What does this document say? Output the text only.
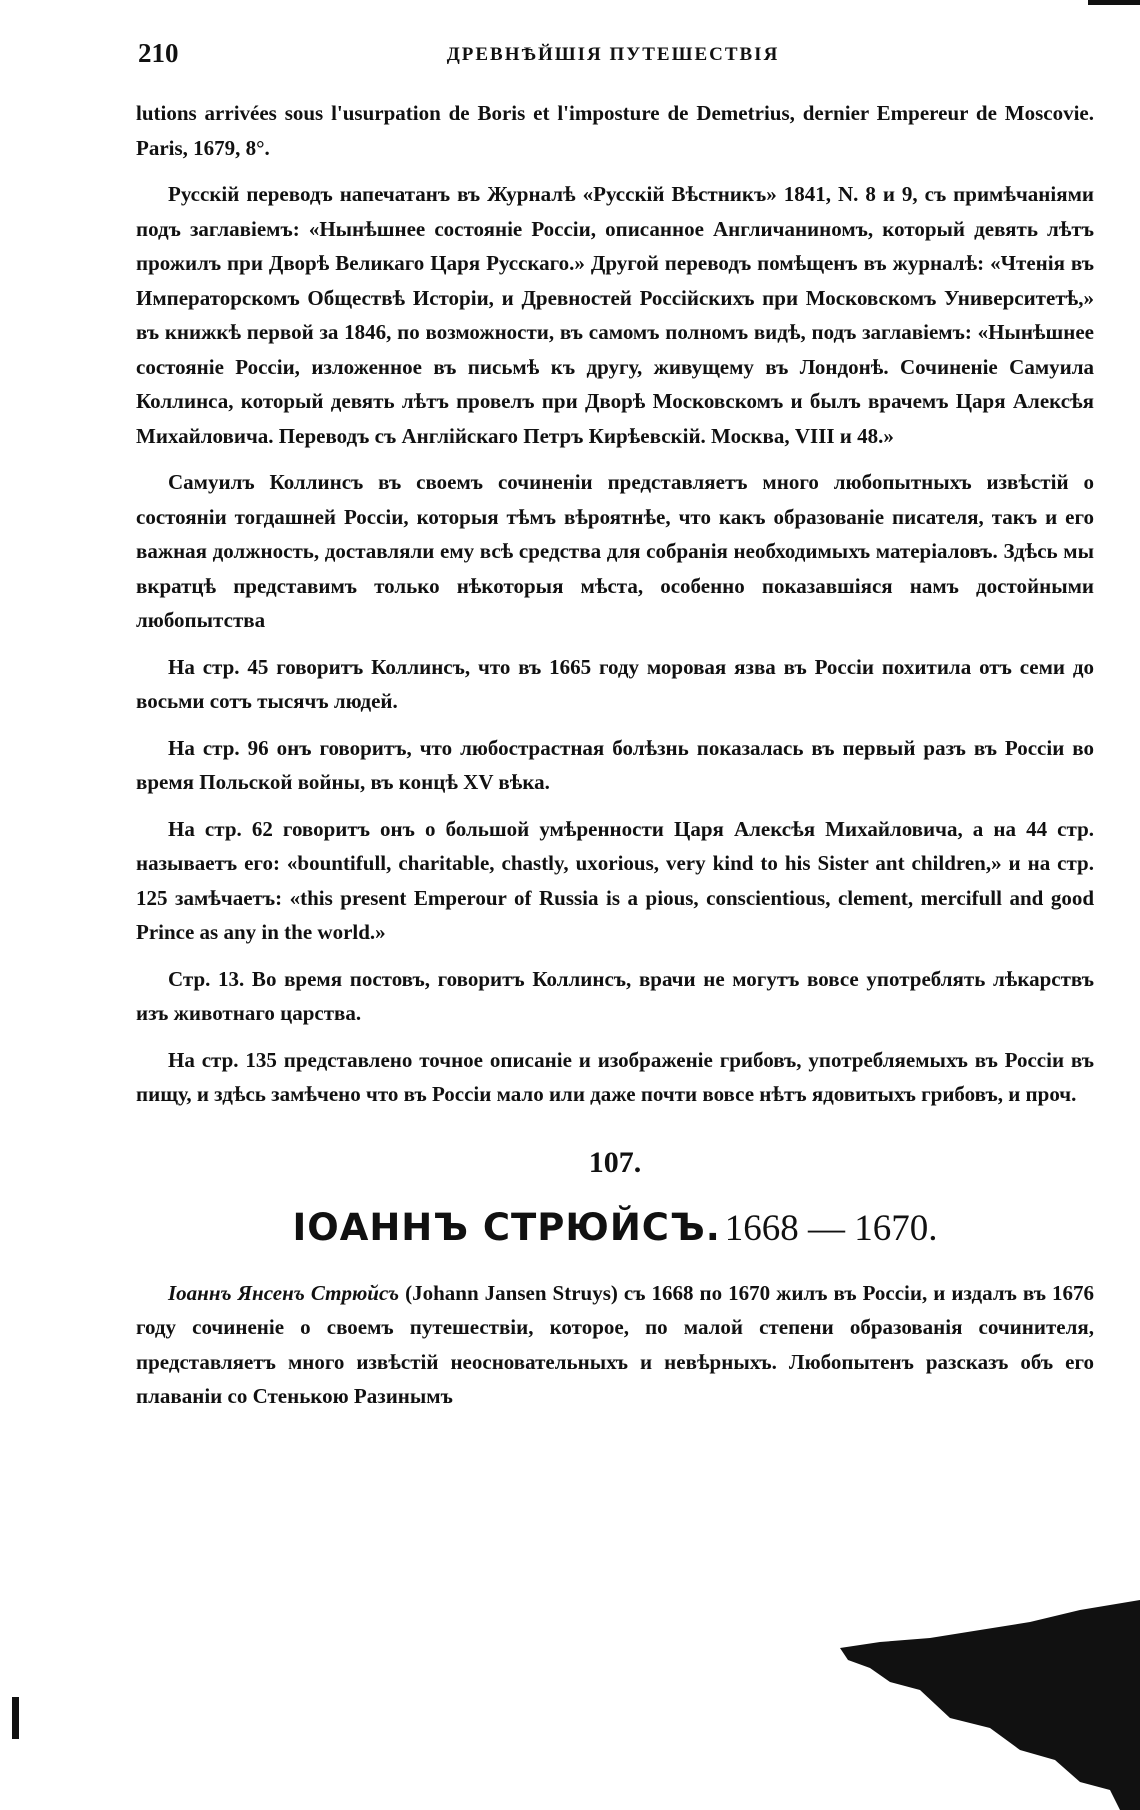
210	ДРЕВНѢЙШІЯ ПУТЕШЕСТВІЯ

lutions arrivées sous l'usurpation de Boris et l'imposture de Demetrius, dernier Empereur de Moscovie. Paris, 1679, 8°.

Русскій переводъ напечатанъ въ Журналѣ «Русскій Вѣстникъ» 1841, N. 8 и 9, съ примѣчаніями подъ заглавіемъ: «Нынѣшнее состояніе Россіи, описанное Англичаниномъ, который девять лѣтъ прожилъ при Дворѣ Великаго Царя Русскаго.» Другой переводъ помѣщенъ въ журналѣ: «Чтенія въ Императорскомъ Обществѣ Исторіи, и Древностей Россійскихъ при Московскомъ Университетѣ,» въ книжкѣ первой за 1846, по возможности, въ самомъ полномъ видѣ, подъ заглавіемъ: «Нынѣшнее состояніе Россіи, изложенное въ письмѣ къ другу, живущему въ Лондонѣ. Сочиненіе Самуила Коллинса, который девять лѣтъ провелъ при Дворѣ Московскомъ и былъ врачемъ Царя Алексѣя Михайловича. Переводъ съ Англійскаго Петръ Кирѣевскій. Москва, VIII и 48.»

Самуилъ Коллинсъ въ своемъ сочиненіи представляетъ много любопытныхъ извѣстій о состояніи тогдашней Россіи, которыя тѣмъ вѣроятнѣе, что какъ образованіе писателя, такъ и его важная должность, доставляли ему всѣ средства для собранія необходимыхъ матеріаловъ. Здѣсь мы вкратцѣ представимъ только нѣкоторыя мѣста, особенно показавшіяся намъ достойными любопытства

На стр. 45 говоритъ Коллинсъ, что въ 1665 году моровая язва въ Россіи похитила отъ семи до восьми сотъ тысячъ людей.

На стр. 96 онъ говоритъ, что любострастная болѣзнь показалась въ первый разъ въ Россіи во время Польской войны, въ концѣ XV вѣка.

На стр. 62 говоритъ онъ о большой умѣренности Царя Алексѣя Михайловича, а на 44 стр. называетъ его: «bountifull, charitable, chastly, uxorious, very kind to his Sister ant children,» и на стр. 125 замѣчаетъ: «this present Emperour of Russia is a pious, conscientious, clement, mercifull and good Prince as any in the world.»

Стр. 13. Во время постовъ, говоритъ Коллинсъ, врачи не могутъ вовсе употреблять лѣкарствъ изъ животнаго царства.

На стр. 135 представлено точное описаніе и изображеніе грибовъ, употребляемыхъ въ Россіи въ пищу, и здѣсь замѣчено что въ Россіи мало или даже почти вовсе нѣтъ ядовитыхъ грибовъ, и проч.

107.
ІОАННЪ СТРЮЙСЪ. 1668 — 1670.

Іоаннъ Янсенъ Стрюйсъ (Johann Jansen Struys) съ 1668 по 1670 жилъ въ Россіи, и издалъ въ 1676 году сочиненіе о своемъ путешествіи, которое, по малой степени образованія сочинителя, представляетъ много извѣстій неосновательныхъ и невѣрныхъ. Любопытенъ разсказъ объ его плаваніи со Стенькою Разинымъ
